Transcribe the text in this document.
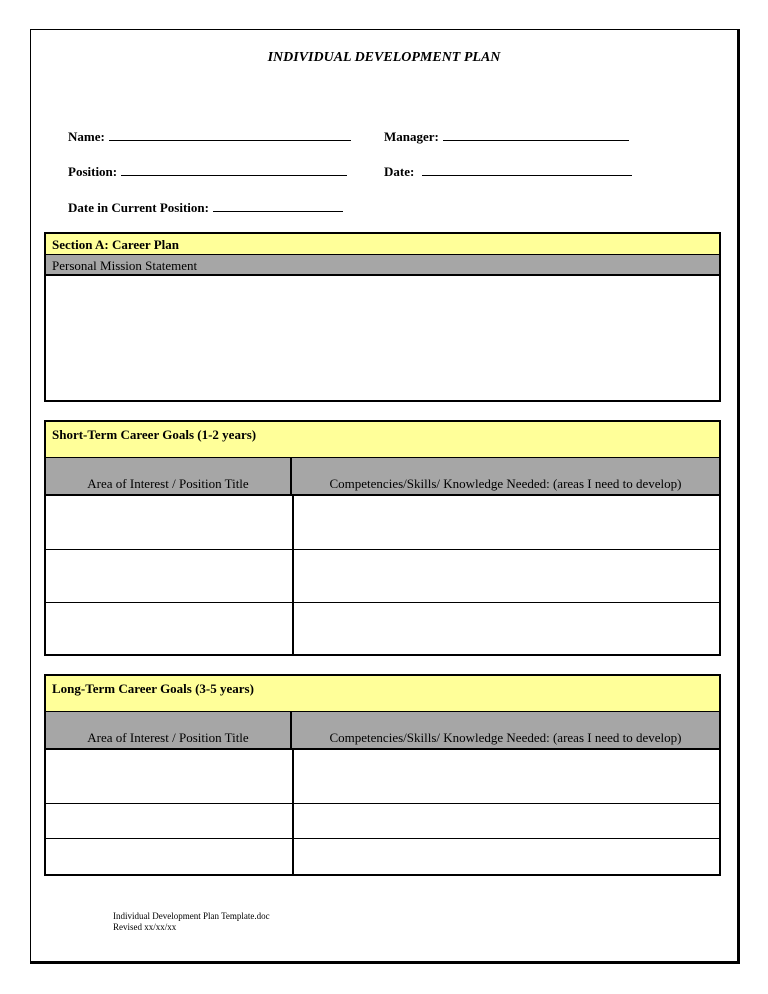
INDIVIDUAL DEVELOPMENT PLAN
Name:	Manager:
Position:	Date:
Date in Current Position:
Section A: Career Plan
Personal Mission Statement
Short-Term Career Goals (1-2 years)
Area of Interest / Position Title	Competencies/Skills/ Knowledge Needed: (areas I need to develop)
Long-Term Career Goals (3-5 years)
Area of Interest / Position Title	Competencies/Skills/ Knowledge Needed: (areas I need to develop)
Individual Development Plan Template.doc
Revised xx/xx/xx
